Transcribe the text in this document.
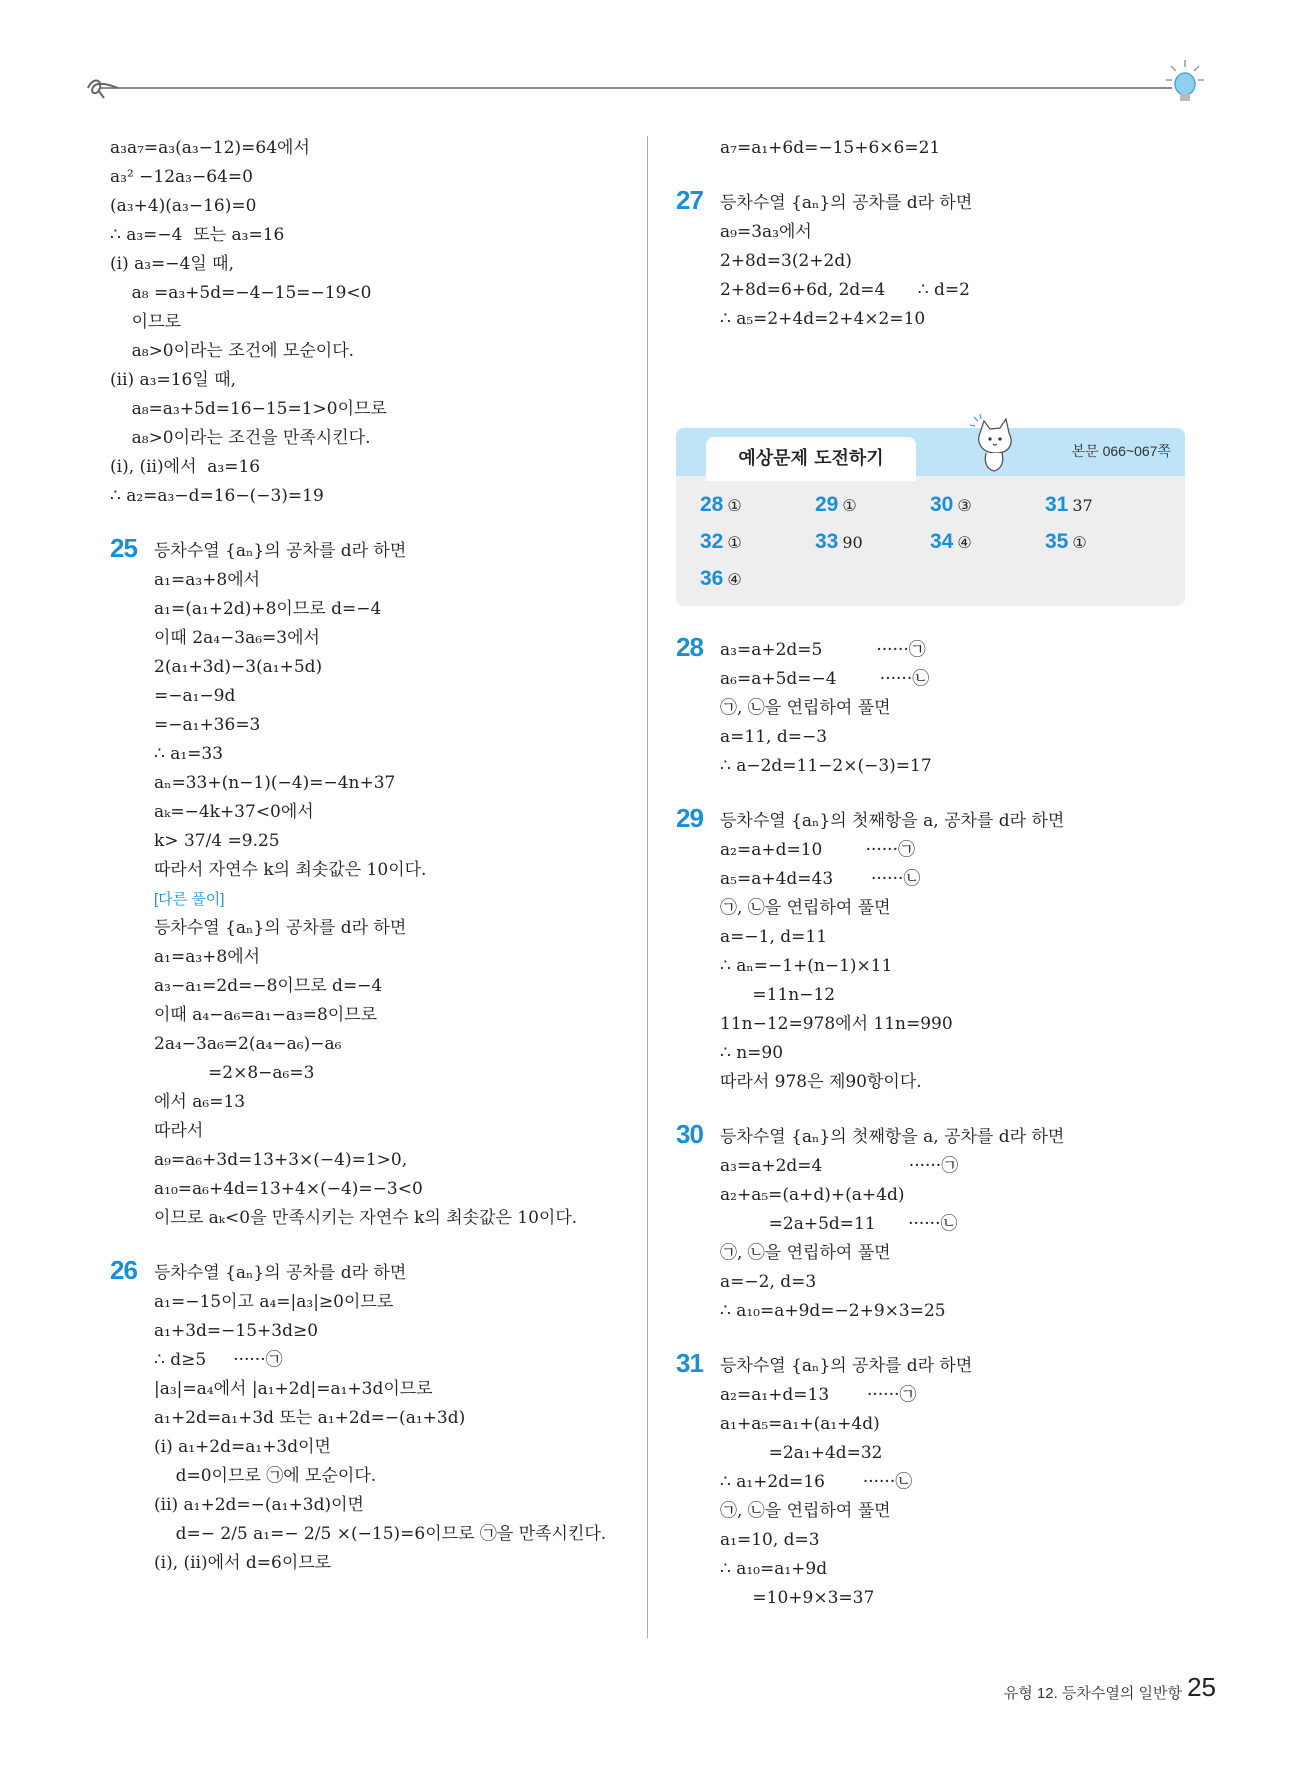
a₃a₇=a₃(a₃−12)=64에서
a₃² −12a₃−64=0
(a₃+4)(a₃−16)=0
∴ a₃=−4  또는 a₃=16
(ⅰ) a₃=−4일 때,
a₈ =a₃+5d=−4−15=−19<0
이므로
a₈>0이라는 조건에 모순이다.
(ⅱ) a₃=16일 때,
a₈=a₃+5d=16−15=1>0이므로
a₈>0이라는 조건을 만족시킨다.
(ⅰ), (ⅱ)에서  a₃=16
∴ a₂=a₃−d=16−(−3)=19
25 등차수열 {aₙ}의 공차를 d라 하면
a₁=a₃+8에서
a₁=(a₁+2d)+8이므로 d=−4
이때 2a₄−3a₆=3에서
2(a₁+3d)−3(a₁+5d)
=−a₁−9d
=−a₁+36=3
∴ a₁=33
aₙ=33+(n−1)(−4)=−4n+37
aₖ=−4k+37<0에서
k> 37/4 =9.25
따라서 자연수 k의 최솟값은 10이다.
[다른 풀이]
등차수열 {aₙ}의 공차를 d라 하면
a₁=a₃+8에서
a₃−a₁=2d=−8이므로 d=−4
이때 a₄−a₆=a₁−a₃=8이므로
2a₄−3a₆=2(a₄−a₆)−a₆
=2×8−a₆=3
에서 a₆=13
따라서
a₉=a₆+3d=13+3×(−4)=1>0,
a₁₀=a₆+4d=13+4×(−4)=−3<0
이므로 aₖ<0을 만족시키는 자연수 k의 최솟값은 10이다.
26 등차수열 {aₙ}의 공차를 d라 하면
a₁=−15이고 a₄=|a₃|≥0이므로
a₁+3d=−15+3d≥0
∴ d≥5     ······㉠
|a₃|=a₄에서 |a₁+2d|=a₁+3d이므로
a₁+2d=a₁+3d 또는 a₁+2d=−(a₁+3d)
(ⅰ) a₁+2d=a₁+3d이면
d=0이므로 ㉠에 모순이다.
(ⅱ) a₁+2d=−(a₁+3d)이면
d=− 2/5 a₁=− 2/5 ×(−15)=6이므로 ㉠을 만족시킨다.
(ⅰ), (ⅱ)에서 d=6이므로
a₇=a₁+6d=−15+6×6=21
27 등차수열 {aₙ}의 공차를 d라 하면
a₉=3a₃에서
2+8d=3(2+2d)
2+8d=6+6d, 2d=4      ∴ d=2
∴ a₅=2+4d=2+4×2=10
예상문제 도전하기	본문 066~067쪽
28 ①	29 ①	30 ③	31 37
32 ①	33 90	34 ④	35 ①
36 ④
28 a₃=a+2d=5          ······㉠
a₆=a+5d=−4        ······㉡
㉠, ㉡을 연립하여 풀면
a=11, d=−3
∴ a−2d=11−2×(−3)=17
29 등차수열 {aₙ}의 첫째항을 a, 공차를 d라 하면
a₂=a+d=10        ······㉠
a₅=a+4d=43       ······㉡
㉠, ㉡을 연립하여 풀면
a=−1, d=11
∴ aₙ=−1+(n−1)×11
=11n−12
11n−12=978에서 11n=990
∴ n=90
따라서 978은 제90항이다.
30 등차수열 {aₙ}의 첫째항을 a, 공차를 d라 하면
a₃=a+2d=4                ······㉠
a₂+a₅=(a+d)+(a+4d)
=2a+5d=11      ······㉡
㉠, ㉡을 연립하여 풀면
a=−2, d=3
∴ a₁₀=a+9d=−2+9×3=25
31 등차수열 {aₙ}의 공차를 d라 하면
a₂=a₁+d=13       ······㉠
a₁+a₅=a₁+(a₁+4d)
=2a₁+4d=32
∴ a₁+2d=16       ······㉡
㉠, ㉡을 연립하여 풀면
a₁=10, d=3
∴ a₁₀=a₁+9d
=10+9×3=37
유형 12. 등차수열의 일반항 25
